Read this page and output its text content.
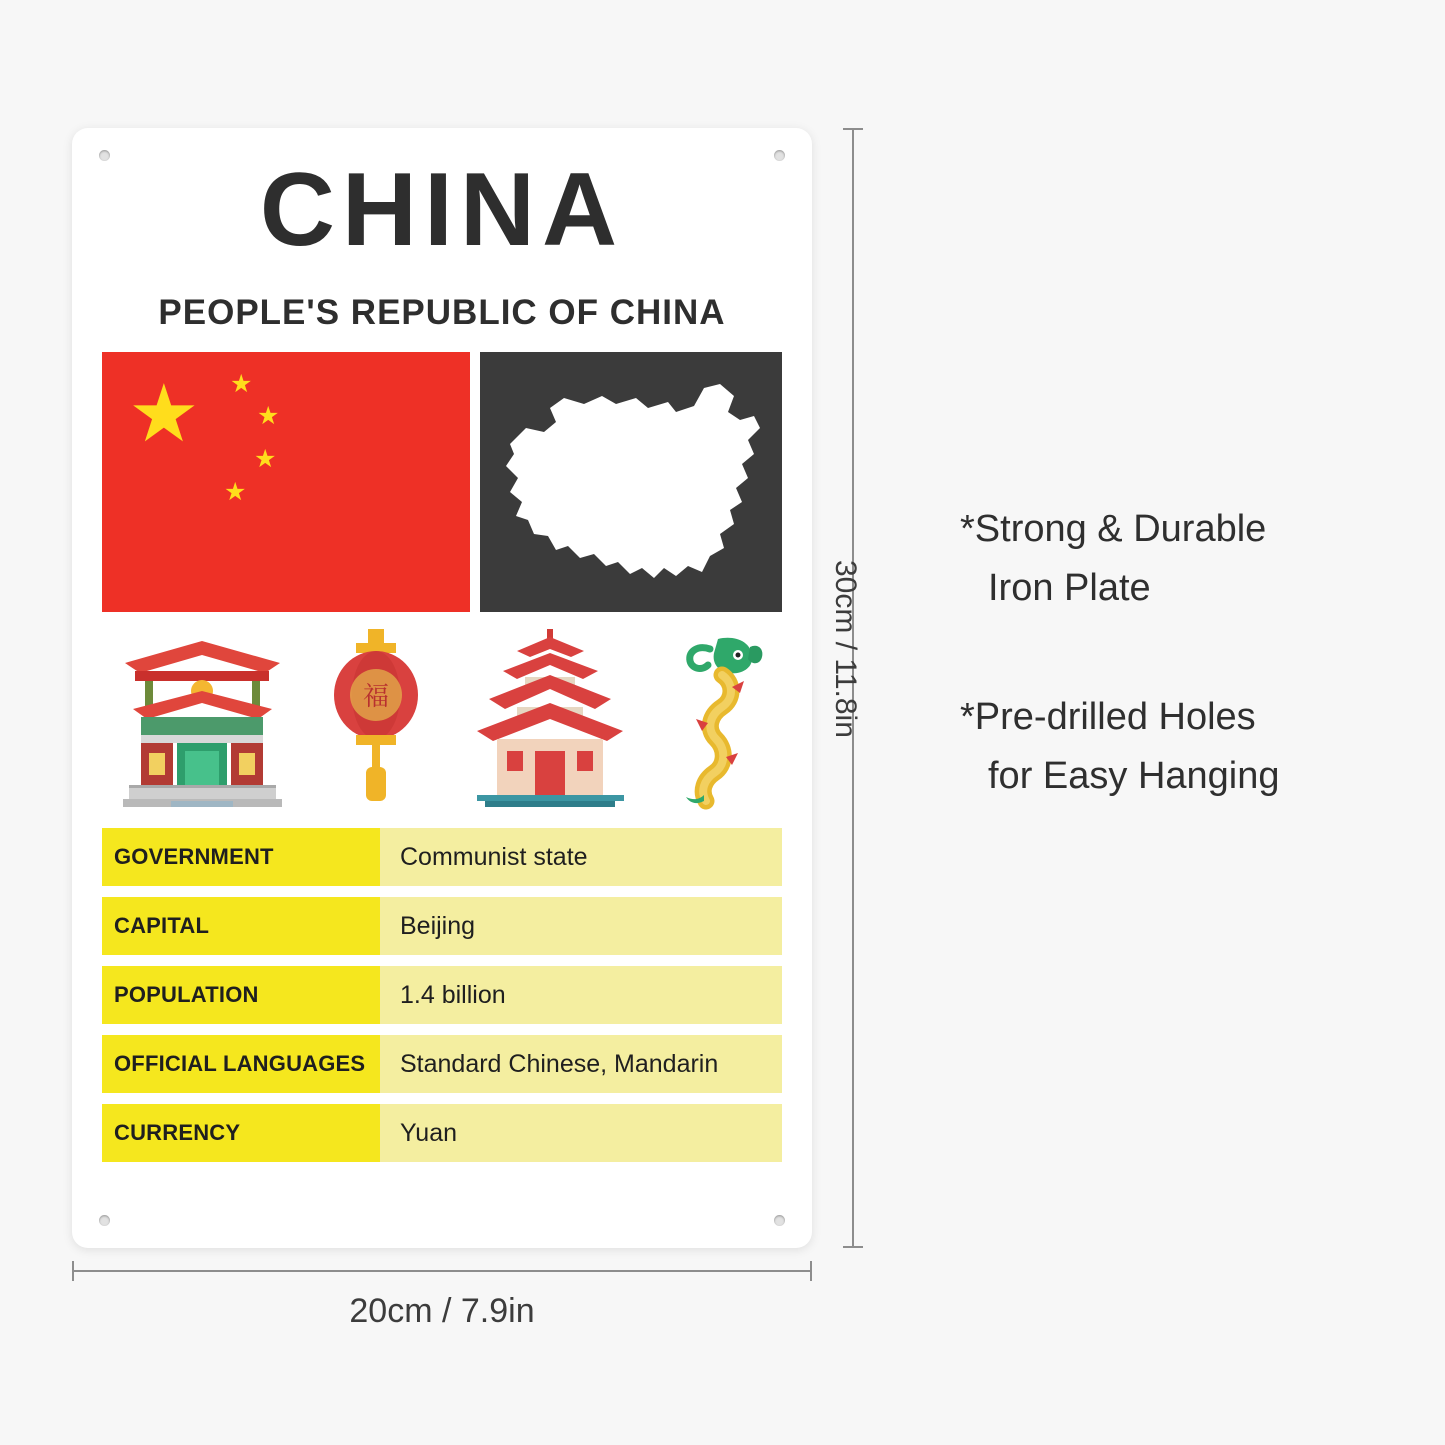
CHINA
PEOPLE'S REPUBLIC OF CHINA
★ ★
★
★
★
福
GOVERNMENT	Communist state
CAPITAL	Beijing
POPULATION	1.4 billion
OFFICIAL LANGUAGES	Standard Chinese, Mandarin
CURRENCY	Yuan
30cm / 11.8in
20cm / 7.9in
*Strong & Durable
Iron Plate
*Pre-drilled Holes
for Easy Hanging
